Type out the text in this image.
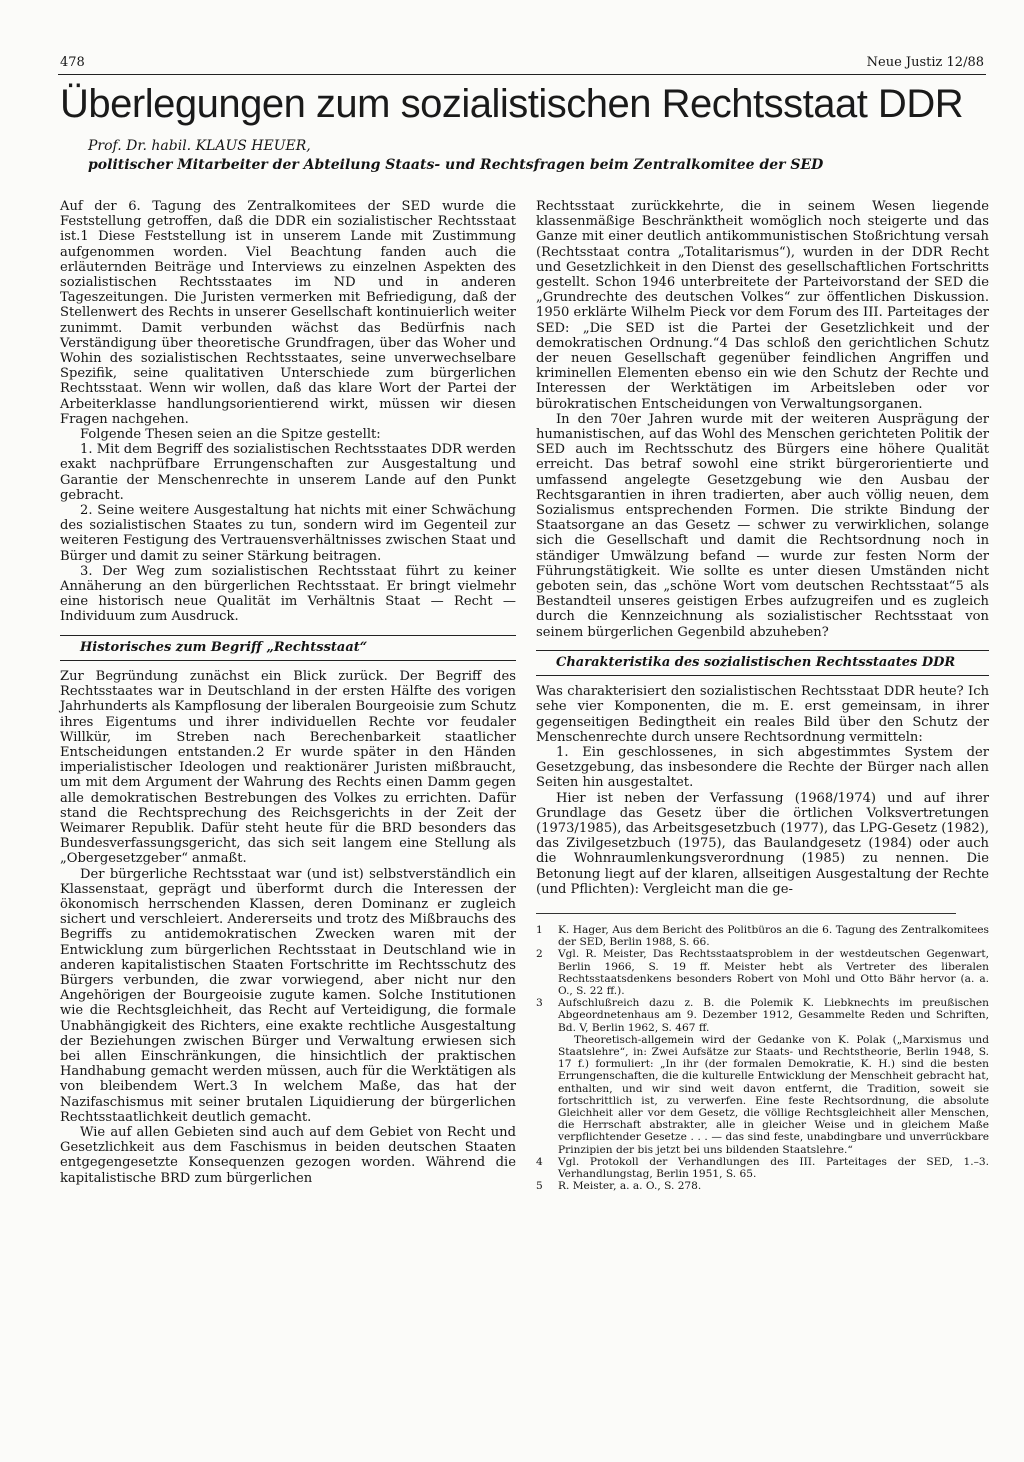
478	Neue Justiz 12/88
Überlegungen zum sozialistischen Rechtsstaat DDR
Prof. Dr. habil. KLAUS HEUER,
politischer Mitarbeiter der Abteilung Staats- und Rechtsfragen beim Zentralkomitee der SED

Auf der 6. Tagung des Zentralkomitees der SED wurde die Feststellung getroffen, daß die DDR ein sozialistischer Rechtsstaat ist.1 Diese Feststellung ist in unserem Lande mit Zustimmung aufgenommen worden. Viel Beachtung fanden auch die erläuternden Beiträge und Interviews zu einzelnen Aspekten des sozialistischen Rechtsstaates im ND und in anderen Tageszeitungen. Die Juristen vermerken mit Befriedigung, daß der Stellenwert des Rechts in unserer Gesellschaft kontinuierlich weiter zunimmt. Damit verbunden wächst das Bedürfnis nach Verständigung über theoretische Grundfragen, über das Woher und Wohin des sozialistischen Rechtsstaates, seine unverwechselbare Spezifik, seine qualitativen Unterschiede zum bürgerlichen Rechtsstaat. Wenn wir wollen, daß das klare Wort der Partei der Arbeiterklasse handlungsorientierend wirkt, müssen wir diesen Fragen nachgehen.

Folgende Thesen seien an die Spitze gestellt:

1. Mit dem Begriff des sozialistischen Rechtsstaates DDR werden exakt nachprüfbare Errungenschaften zur Ausgestaltung und Garantie der Menschenrechte in unserem Lande auf den Punkt gebracht.

2. Seine weitere Ausgestaltung hat nichts mit einer Schwächung des sozialistischen Staates zu tun, sondern wird im Gegenteil zur weiteren Festigung des Vertrauensverhältnisses zwischen Staat und Bürger und damit zu seiner Stärkung beitragen.

3. Der Weg zum sozialistischen Rechtsstaat führt zu keiner Annäherung an den bürgerlichen Rechtsstaat. Er bringt vielmehr eine historisch neue Qualität im Verhältnis Staat — Recht — Individuum zum Ausdruck.

Historisches zum Begriff „Rechtsstaat“

Zur Begründung zunächst ein Blick zurück. Der Begriff des Rechtsstaates war in Deutschland in der ersten Hälfte des vorigen Jahrhunderts als Kampflosung der liberalen Bourgeoisie zum Schutz ihres Eigentums und ihrer individuellen Rechte vor feudaler Willkür, im Streben nach Berechenbarkeit staatlicher Entscheidungen entstanden.2 Er wurde später in den Händen imperialistischer Ideologen und reaktionärer Juristen mißbraucht, um mit dem Argument der Wahrung des Rechts einen Damm gegen alle demokratischen Bestrebungen des Volkes zu errichten. Dafür stand die Rechtsprechung des Reichsgerichts in der Zeit der Weimarer Republik. Dafür steht heute für die BRD besonders das Bundesverfassungsgericht, das sich seit langem eine Stellung als „Obergesetzgeber“ anmaßt.

Der bürgerliche Rechtsstaat war (und ist) selbstverständlich ein Klassenstaat, geprägt und überformt durch die Interessen der ökonomisch herrschenden Klassen, deren Dominanz er zugleich sichert und verschleiert. Andererseits und trotz des Mißbrauchs des Begriffs zu antidemokratischen Zwecken waren mit der Entwicklung zum bürgerlichen Rechtsstaat in Deutschland wie in anderen kapitalistischen Staaten Fortschritte im Rechtsschutz des Bürgers verbunden, die zwar vorwiegend, aber nicht nur den Angehörigen der Bourgeoisie zugute kamen. Solche Institutionen wie die Rechtsgleichheit, das Recht auf Verteidigung, die formale Unabhängigkeit des Richters, eine exakte rechtliche Ausgestaltung der Beziehungen zwischen Bürger und Verwaltung erwiesen sich bei allen Einschränkungen, die hinsichtlich der praktischen Handhabung gemacht werden müssen, auch für die Werktätigen als von bleibendem Wert.3 In welchem Maße, das hat der Nazifaschismus mit seiner brutalen Liquidierung der bürgerlichen Rechtsstaatlichkeit deutlich gemacht.

Wie auf allen Gebieten sind auch auf dem Gebiet von Recht und Gesetzlichkeit aus dem Faschismus in beiden deutschen Staaten entgegengesetzte Konsequenzen gezogen worden. Während die kapitalistische BRD zum bürgerlichen

Rechtsstaat zurückkehrte, die in seinem Wesen liegende klassenmäßige Beschränktheit womöglich noch steigerte und das Ganze mit einer deutlich antikommunistischen Stoßrichtung versah (Rechtsstaat contra „Totalitarismus“), wurden in der DDR Recht und Gesetzlichkeit in den Dienst des gesellschaftlichen Fortschritts gestellt. Schon 1946 unterbreitete der Parteivorstand der SED die „Grundrechte des deutschen Volkes“ zur öffentlichen Diskussion. 1950 erklärte Wilhelm Pieck vor dem Forum des III. Parteitages der SED: „Die SED ist die Partei der Gesetzlichkeit und der demokratischen Ordnung.“4 Das schloß den gerichtlichen Schutz der neuen Gesellschaft gegenüber feindlichen Angriffen und kriminellen Elementen ebenso ein wie den Schutz der Rechte und Interessen der Werktätigen im Arbeitsleben oder vor bürokratischen Entscheidungen von Verwaltungsorganen.

In den 70er Jahren wurde mit der weiteren Ausprägung der humanistischen, auf das Wohl des Menschen gerichteten Politik der SED auch im Rechtsschutz des Bürgers eine höhere Qualität erreicht. Das betraf sowohl eine strikt bürgerorientierte und umfassend angelegte Gesetzgebung wie den Ausbau der Rechtsgarantien in ihren tradierten, aber auch völlig neuen, dem Sozialismus entsprechenden Formen. Die strikte Bindung der Staatsorgane an das Gesetz — schwer zu verwirklichen, solange sich die Gesellschaft und damit die Rechtsordnung noch in ständiger Umwälzung befand — wurde zur festen Norm der Führungstätigkeit. Wie sollte es unter diesen Umständen nicht geboten sein, das „schöne Wort vom deutschen Rechtsstaat“5 als Bestandteil unseres geistigen Erbes aufzugreifen und es zugleich durch die Kennzeichnung als sozialistischer Rechtsstaat von seinem bürgerlichen Gegenbild abzuheben?

Charakteristika des sozialistischen Rechtsstaates DDR

Was charakterisiert den sozialistischen Rechtsstaat DDR heute? Ich sehe vier Komponenten, die m. E. erst gemeinsam, in ihrer gegenseitigen Bedingtheit ein reales Bild über den Schutz der Menschenrechte durch unsere Rechtsordnung vermitteln:

1. Ein geschlossenes, in sich abgestimmtes System der Gesetzgebung, das insbesondere die Rechte der Bürger nach allen Seiten hin ausgestaltet.

Hier ist neben der Verfassung (1968/1974) und auf ihrer Grundlage das Gesetz über die örtlichen Volksvertretungen (1973/1985), das Arbeitsgesetzbuch (1977), das LPG-Gesetz (1982), das Zivilgesetzbuch (1975), das Baulandgesetz (1984) oder auch die Wohnraumlenkungsverordnung (1985) zu nennen. Die Betonung liegt auf der klaren, allseitigen Ausgestaltung der Rechte (und Pflichten): Vergleicht man die ge-

1	K. Hager, Aus dem Bericht des Politbüros an die 6. Tagung des Zentralkomitees der SED, Berlin 1988, S. 66.
2	Vgl. R. Meister, Das Rechtsstaatsproblem in der westdeutschen Gegenwart, Berlin 1966, S. 19 ff. Meister hebt als Vertreter des liberalen Rechtsstaatsdenkens besonders Robert von Mohl und Otto Bähr hervor (a. a. O., S. 22 ff.).
3	Aufschlußreich dazu z. B. die Polemik K. Liebknechts im preußischen Abgeordnetenhaus am 9. Dezember 1912, Gesammelte Reden und Schriften, Bd. V, Berlin 1962, S. 467 ff.
Theoretisch-allgemein wird der Gedanke von K. Polak („Marxismus und Staatslehre“, in: Zwei Aufsätze zur Staats- und Rechtstheorie, Berlin 1948, S. 17 f.) formuliert: „In ihr (der formalen Demokratie, K. H.) sind die besten Errungenschaften, die die kulturelle Entwicklung der Menschheit gebracht hat, enthalten, und wir sind weit davon entfernt, die Tradition, soweit sie fortschrittlich ist, zu verwerfen. Eine feste Rechtsordnung, die absolute Gleichheit aller vor dem Gesetz, die völlige Rechtsgleichheit aller Menschen, die Herrschaft abstrakter, alle in gleicher Weise und in gleichem Maße verpflichtender Gesetze . . . — das sind feste, unabdingbare und unverrückbare Prinzipien der bis jetzt bei uns bildenden Staatslehre.“
4	Vgl. Protokoll der Verhandlungen des III. Parteitages der SED, 1.–3. Verhandlungstag, Berlin 1951, S. 65.
5	R. Meister, a. a. O., S. 278.
